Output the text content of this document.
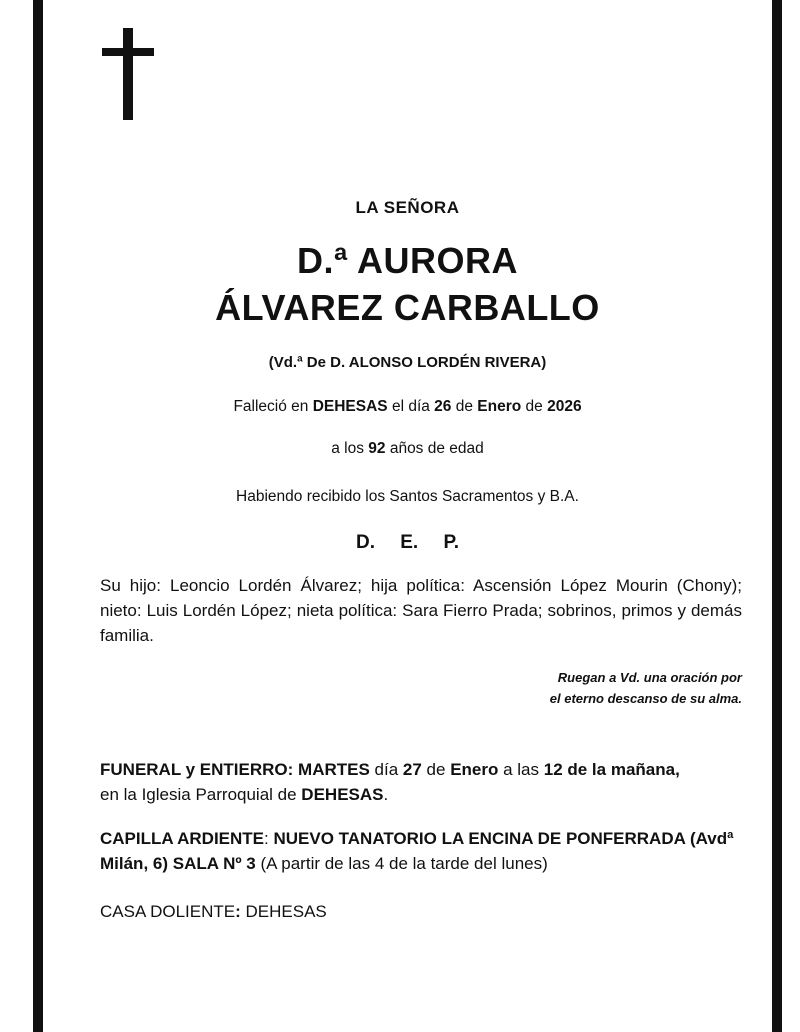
LA SEÑORA
D.ª AURORA
ÁLVAREZ CARBALLO
(Vd.ª De D. ALONSO LORDÉN RIVERA)
Falleció en DEHESAS el día 26 de Enero de 2026
a los 92 años de edad
Habiendo recibido los Santos Sacramentos y B.A.
D. E. P.
Su hijo: Leoncio Lordén Álvarez; hija política: Ascensión López Mourin (Chony); nieto: Luis Lordén López; nieta política: Sara Fierro Prada; sobrinos, primos y demás familia.
Ruegan a Vd. una oración por
el eterno descanso de su alma.
FUNERAL y ENTIERRO: MARTES día 27 de Enero a las 12 de la mañana,
en la Iglesia Parroquial de DEHESAS.
CAPILLA ARDIENTE: NUEVO TANATORIO LA ENCINA DE PONFERRADA (Avdª Milán, 6) SALA Nº 3 (A partir de las 4 de la tarde del lunes)
CASA DOLIENTE: DEHESAS
